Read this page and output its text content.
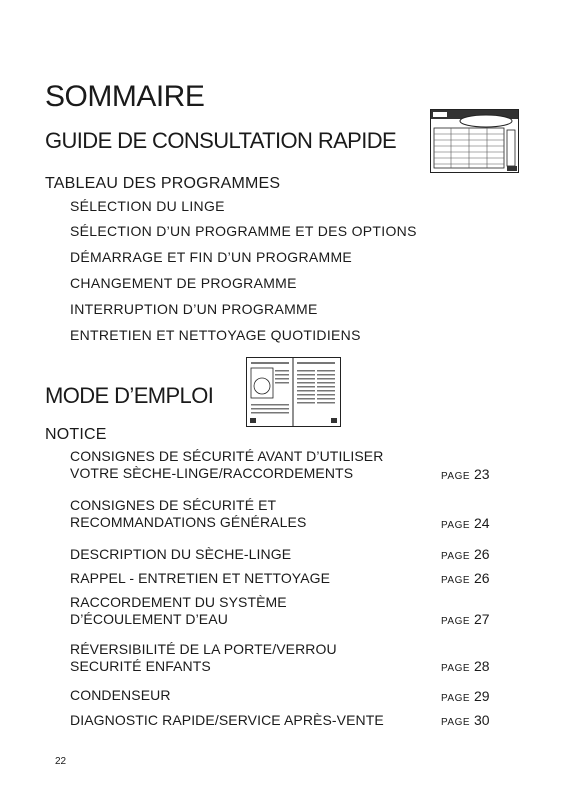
SOMMAIRE
GUIDE DE CONSULTATION RAPIDE
TABLEAU DES PROGRAMMES
SÉLECTION DU LINGE
SÉLECTION D’UN PROGRAMME ET DES OPTIONS
DÉMARRAGE ET FIN D’UN PROGRAMME
CHANGEMENT DE PROGRAMME
INTERRUPTION D’UN PROGRAMME
ENTRETIEN ET NETTOYAGE QUOTIDIENS
MODE D’EMPLOI
NOTICE
CONSIGNES DE SÉCURITÉ AVANT D’UTILISER
VOTRE SÈCHE-LINGE/RACCORDEMENTS	PAGE 23
CONSIGNES DE SÉCURITÉ ET
RECOMMANDATIONS GÉNÉRALES	PAGE 24
DESCRIPTION DU SÈCHE-LINGE	PAGE 26
RAPPEL - ENTRETIEN ET NETTOYAGE	PAGE 26
RACCORDEMENT DU SYSTÈME
D’ÉCOULEMENT D’EAU	PAGE 27
RÉVERSIBILITÉ DE LA PORTE/VERROU
SECURITÉ ENFANTS	PAGE 28
CONDENSEUR	PAGE 29
DIAGNOSTIC RAPIDE/SERVICE APRÈS-VENTE	PAGE 30
22
